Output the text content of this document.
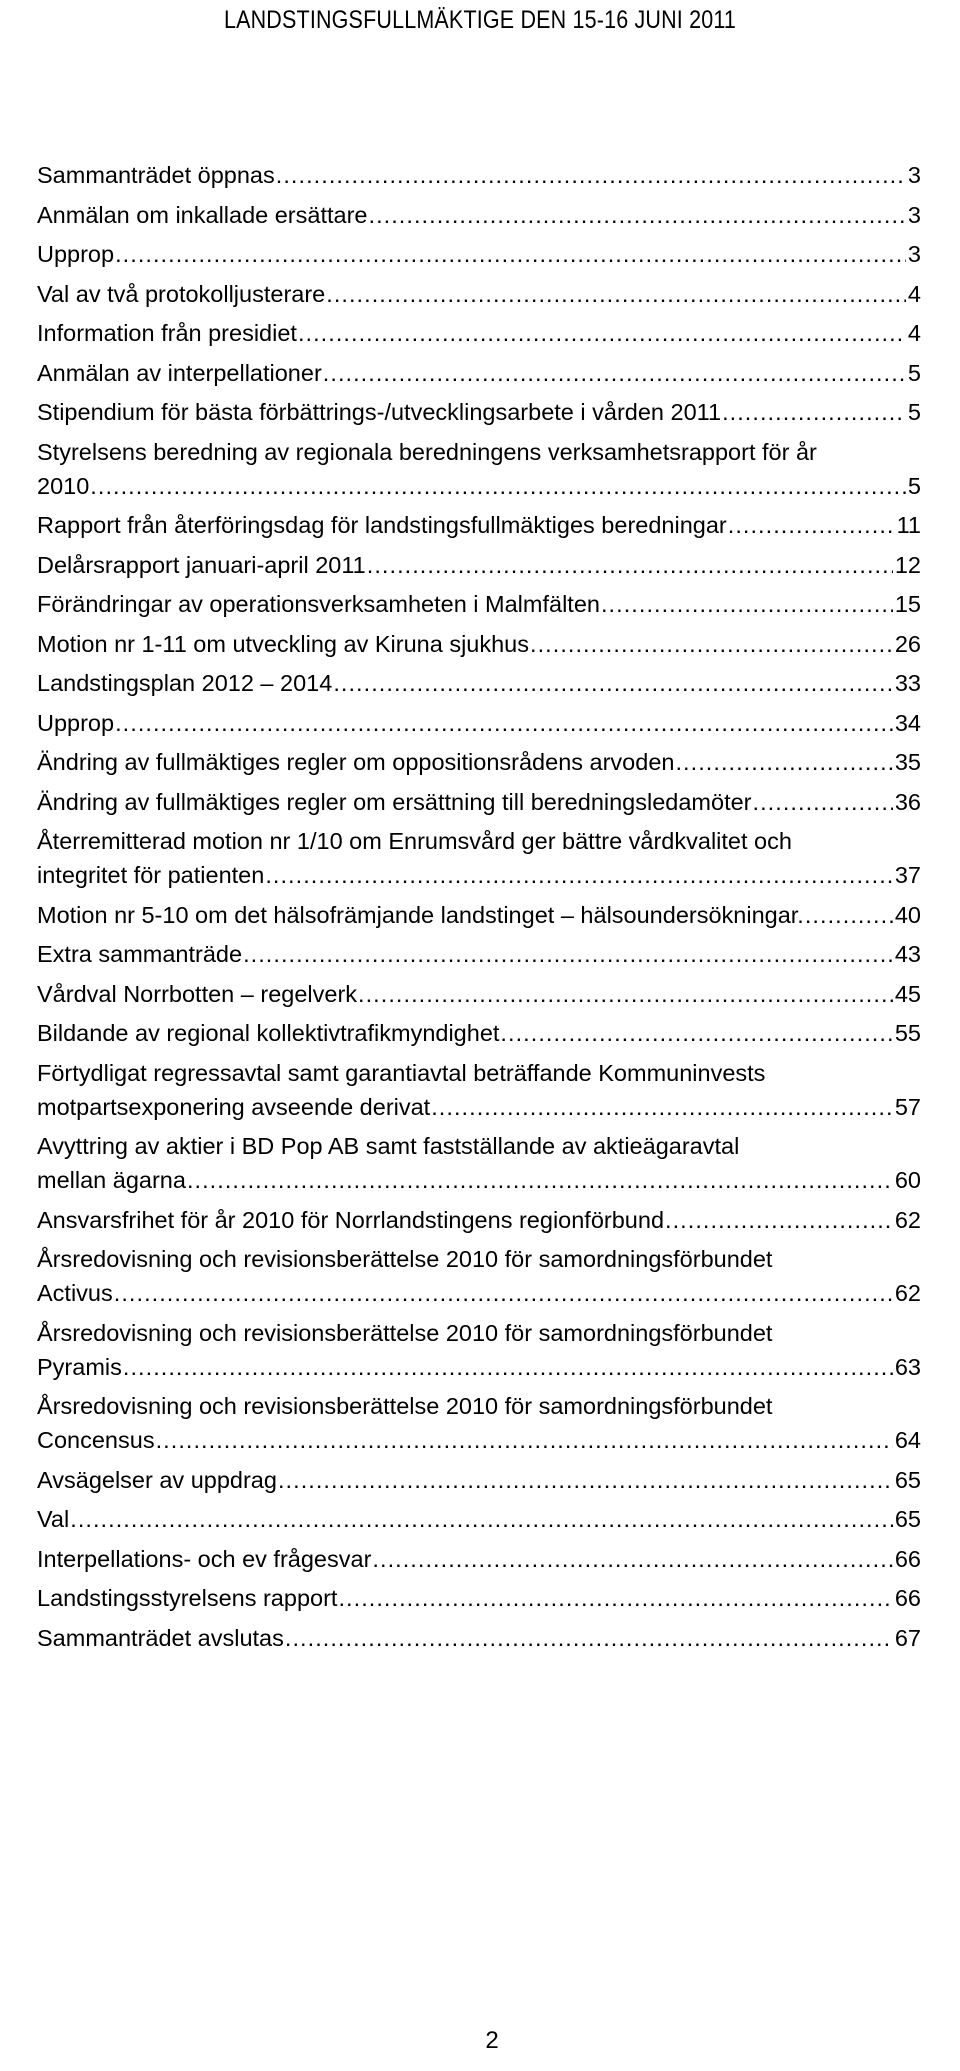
LANDSTINGSFULLMÄKTIGE DEN 15-16 JUNI 2011
Sammanträdet öppnas .....	3
Anmälan om inkallade ersättare .....	3
Upprop .....	3
Val av två protokolljusterare .....	4
Information från presidiet .....	4
Anmälan av interpellationer .....	5
Stipendium för bästa förbättrings-/utvecklingsarbete i vården 2011 .....	5
Styrelsens beredning av regionala beredningens verksamhetsrapport för år
2010 .....	5
Rapport från återföringsdag för landstingsfullmäktiges beredningar .....	11
Delårsrapport januari-april 2011 .....	12
Förändringar av operationsverksamheten i Malmfälten .....	15
Motion nr 1-11 om utveckling av Kiruna sjukhus .....	26
Landstingsplan 2012 – 2014 .....	33
Upprop .....	34
Ändring av fullmäktiges regler om oppositionsrådens arvoden .....	35
Ändring av fullmäktiges regler om ersättning till beredningsledamöter .....	36
Återremitterad motion nr 1/10 om Enrumsvård ger bättre vårdkvalitet och
integritet för patienten .....	37
Motion nr 5-10 om det hälsofrämjande landstinget – hälsoundersökningar. .....	40
Extra sammanträde .....	43
Vårdval Norrbotten – regelverk .....	45
Bildande av regional kollektivtrafikmyndighet .....	55
Förtydligat regressavtal samt garantiavtal beträffande Kommuninvests
motpartsexponering avseende derivat .....	57
Avyttring av aktier i BD Pop AB samt fastställande av aktieägaravtal
mellan ägarna .....	60
Ansvarsfrihet för år 2010 för Norrlandstingens regionförbund .....	62
Årsredovisning och revisionsberättelse 2010 för samordningsförbundet
Activus .....	62
Årsredovisning och revisionsberättelse 2010 för samordningsförbundet
Pyramis .....	63
Årsredovisning och revisionsberättelse 2010 för samordningsförbundet
Concensus .....	64
Avsägelser av uppdrag .....	65
Val .....	65
Interpellations- och ev frågesvar .....	66
Landstingsstyrelsens rapport .....	66
Sammanträdet avslutas .....	67
2
